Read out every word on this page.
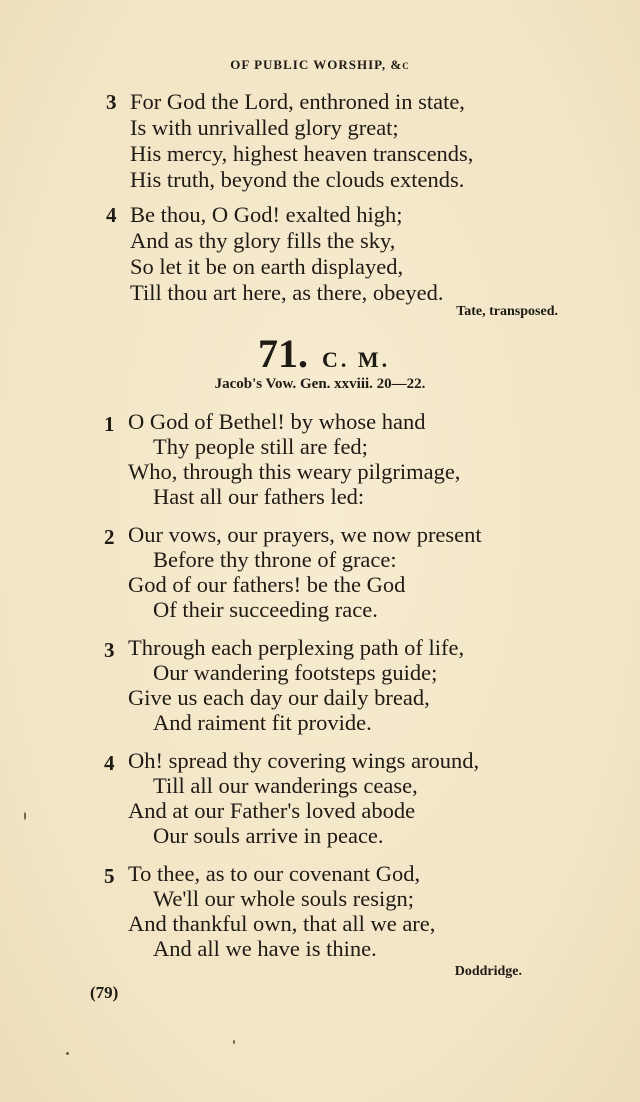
OF PUBLIC WORSHIP, &c
3 For God the Lord, enthroned in state,
Is with unrivalled glory great;
His mercy, highest heaven transcends,
His truth, beyond the clouds extends.
4 Be thou, O God! exalted high;
And as thy glory fills the sky,
So let it be on earth displayed,
Till thou art here, as there, obeyed.
Tate, transposed.
71. C. M.
Jacob's Vow. Gen. xxviii. 20—22.
1 O God of Bethel! by whose hand
Thy people still are fed;
Who, through this weary pilgrimage,
Hast all our fathers led:
2 Our vows, our prayers, we now present
Before thy throne of grace:
God of our fathers! be the God
Of their succeeding race.
3 Through each perplexing path of life,
Our wandering footsteps guide;
Give us each day our daily bread,
And raiment fit provide.
4 Oh! spread thy covering wings around,
Till all our wanderings cease,
And at our Father's loved abode
Our souls arrive in peace.
5 To thee, as to our covenant God,
We'll our whole souls resign;
And thankful own, that all we are,
And all we have is thine.
Doddridge.
(79)
